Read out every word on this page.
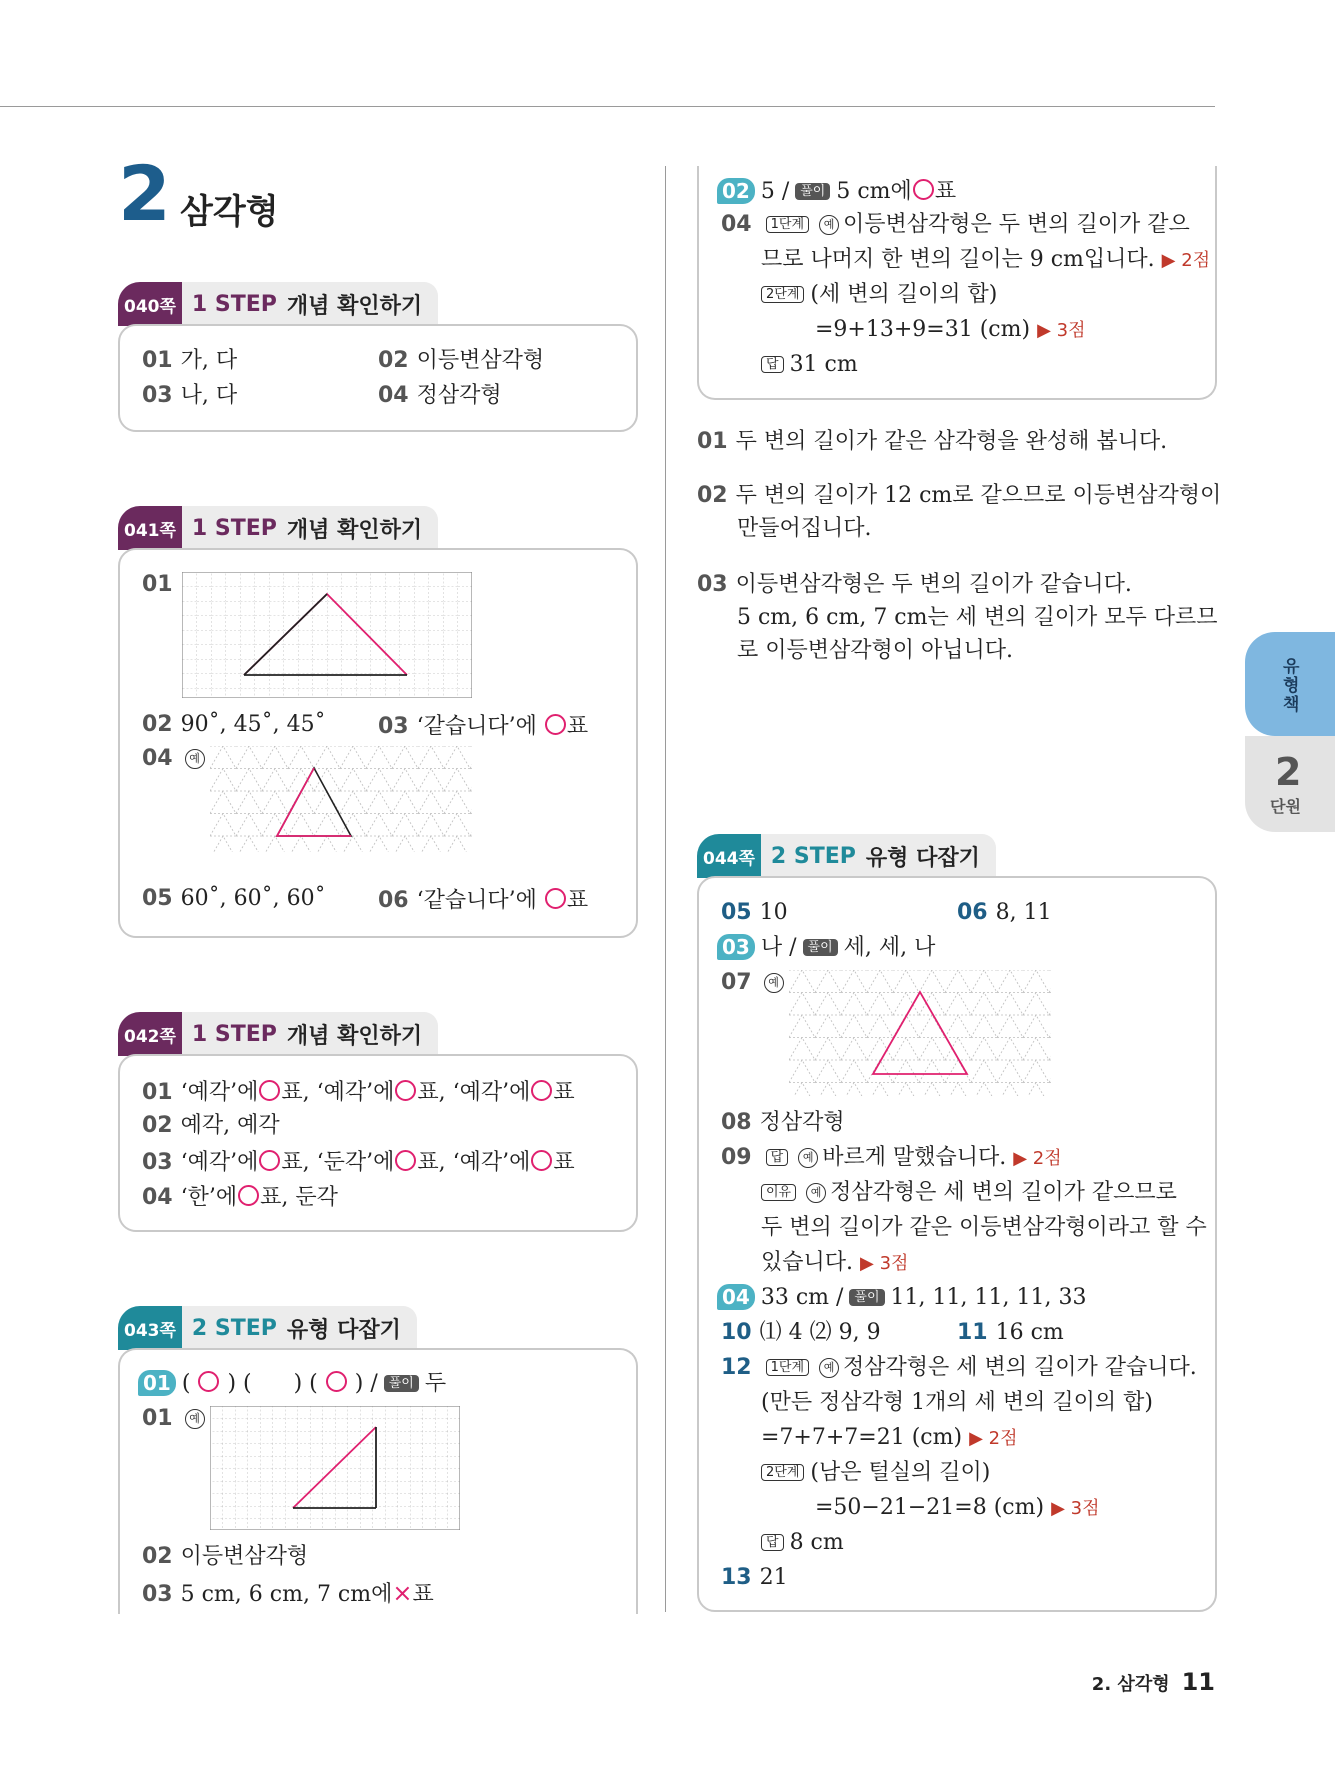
2 삼각형
040쪽 1 STEP 개념 확인하기
01 가, 다	02 이등변삼각형
03 나, 다	04 정삼각형
041쪽 1 STEP 개념 확인하기
01
02 90˚, 45˚, 45˚ 03 ‘같습니다’에 ○표
04 예
05 60˚, 60˚, 60˚ 06 ‘같습니다’에 ○표
042쪽 1 STEP 개념 확인하기
01 ‘예각’에 표, ‘예각’에 표, ‘예각’에 표
02 예각, 예각
03 ‘예각’에 표, ‘둔각’에 표, ‘예각’에 표
04 ‘한’에 표, 둔각
043쪽 2 STEP 유형 다잡기
01 ( ) ( ) ( ) / 풀이 두
01 예
02 이등변삼각형
03 5 cm, 6 cm, 7 cm에×표
02 5 / 풀이 5 cm에 표
04 1단계 예 이등변삼각형은 두 변의 길이가 같으
므로 나머지 한 변의 길이는 9 cm입니다. ▶ 2점
2단계 (세 변의 길이의 합)
=9+13+9=31 (cm) ▶ 3점
답 31 cm
01 두 변의 길이가 같은 삼각형을 완성해 봅니다.
02 두 변의 길이가 12 cm로 같으므로 이등변삼각형이
만들어집니다.
03 이등변삼각형은 두 변의 길이가 같습니다.
5 cm, 6 cm, 7 cm는 세 변의 길이가 모두 다르므
로 이등변삼각형이 아닙니다.
044쪽 2 STEP 유형 다잡기
05 10	06 8, 11
03 나 / 풀이 세, 세, 나
07 예
08 정삼각형
09 답 예 바르게 말했습니다. ▶ 2점
이유 예 정삼각형은 세 변의 길이가 같으므로
두 변의 길이가 같은 이등변삼각형이라고 할 수
있습니다. ▶ 3점
04 33 cm / 풀이 11, 11, 11, 11, 33
10 ⑴ 4 ⑵ 9, 9	11 16 cm
12 1단계 예 정삼각형은 세 변의 길이가 같습니다.
(만든 정삼각형 1개의 세 변의 길이의 합)
=7+7+7=21 (cm) ▶ 2점
2단계 (남은 털실의 길이)
=50−21−21=8 (cm) ▶ 3점
답 8 cm
13 21
유형책
2
단원
2. 삼각형 11
